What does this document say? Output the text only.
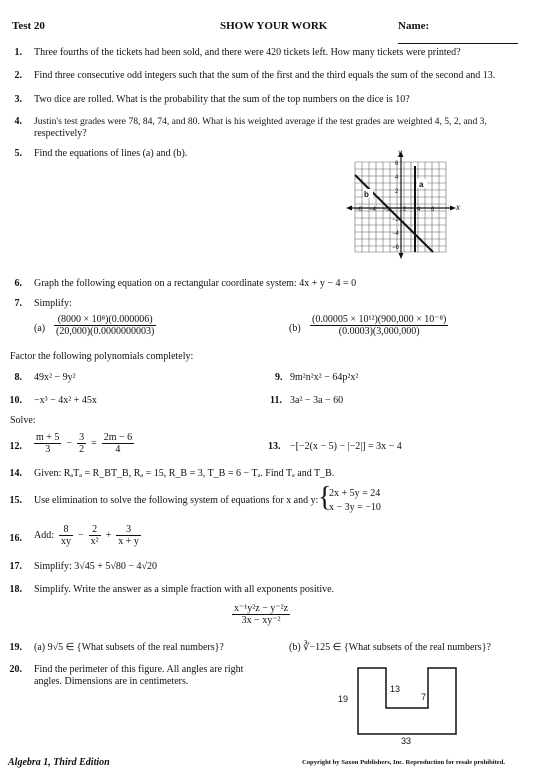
Test 20	SHOW YOUR WORK	Name:
1. Three fourths of the tickets had been sold, and there were 420 tickets left. How many tickets were printed?
2. Find three consecutive odd integers such that the sum of the first and the third equals the sum of the second and 13.
3. Two dice are rolled. What is the probability that the sum of the top numbers on the dice is 10?
4. Justin's test grades were 78, 84, 74, and 80. What is his weighted average if the test grades are weighted 4, 5, 2, and 3,
respectively?
5. Find the equations of lines (a) and (b).	y
x
b
a
2 4 6
−2
−4
−6
2
4
6
−2
−4
−6
6. Graph the following equation on a rectangular coordinate system: 4x + y − 4 = 0
7. Simplify:
$(a) \frac{\text{(8000 × 10⁸)(0.000006)}}{(20,000)(0.0000000003)}$	$(b) \frac{\text{(0.00005 × 10¹²)(900,000 × 10⁻⁸)}}{(0.0003)(3,000,000)}$
Factor the following polynomials completely:
8. 49x² − 9y²	9. 9m²n²x² − 64p²x²
10. −x³ − 4x² + 45x	11. 3a² − 3a − 60
Solve:
12. $\frac{m + 5}{3} - \frac{3}{2} = \frac{2m - 6}{4}$	13. −[−2(x − 5) − |−2|] = 3x − 4
14. Given: RₐTₐ = R_BT_B, Rₐ = 15, R_B = 3, T_B = 6 − Tₐ. Find Tₐ and T_B.
15. Use elimination to solve the following system of equations for x and y: {
2x + 5y = 24
x − 3y = −10
16. Add: $\frac{8}{xy} - \frac{2}{\text{x²}} + \frac{3}{x + y}$
17. Simplify: 3√45 + 5√80 − 4√20
18. Simplify. Write the answer as a simple fraction with all exponents positive.
$\frac{\text{x⁻¹y²z − y⁻²z}}{\text{3x − xy⁻²}}$
19. (a) 9√5 ∈ {What subsets of the real numbers}?	(b) ∛−125 ∈ {What subsets of the real numbers}?
20. Find the perimeter of this figure. All angles are right
angles. Dimensions are in centimeters.
19
13
7
33
Algebra 1, Third Edition	Copyright by Saxon Publishers, Inc. Reproduction for resale prohibited.
